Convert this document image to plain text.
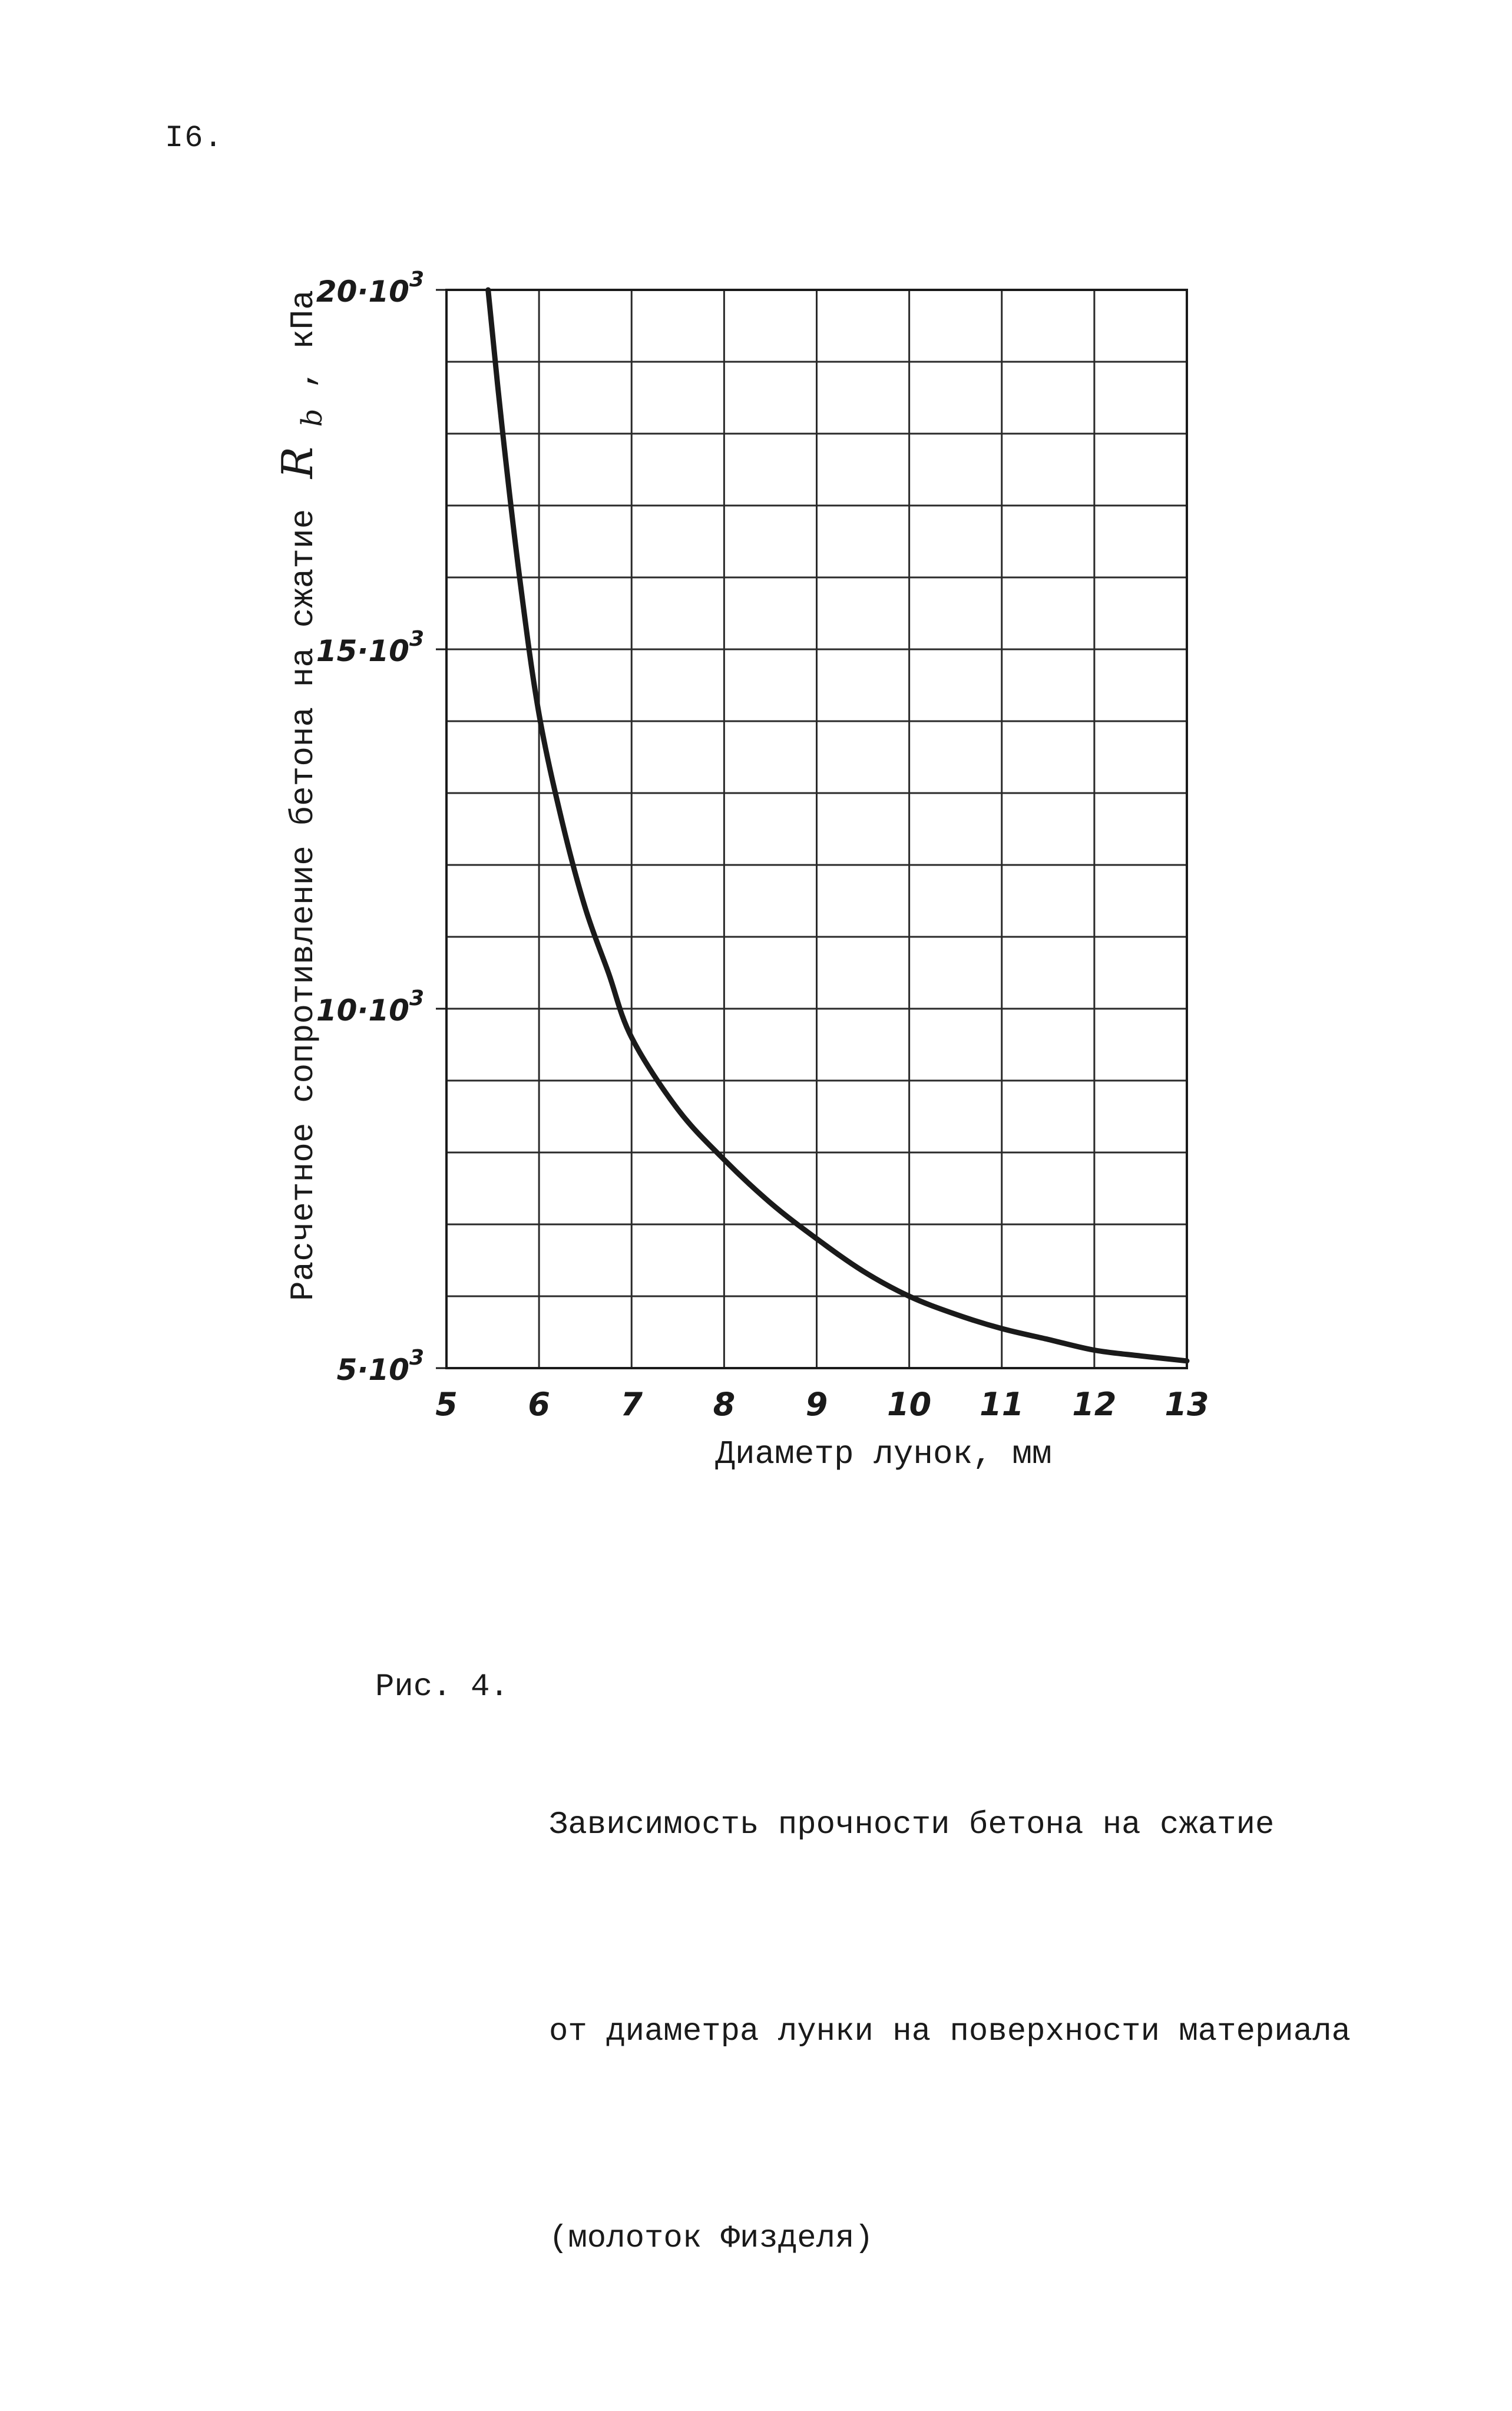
I6.
5 6 7 8 9 10 11 12 13
$5\cdot 10^3$
$10\cdot 10^3$
$15\cdot 10^3$
$20\cdot 10^3$
Диаметр лунок, мм
Расчетное сопротивление бетона на сжатие R b , кПа

Рис. 4.

Зависимость прочности бетона на сжатие

от диаметра лунки на поверхности материала

(молоток Физделя)
